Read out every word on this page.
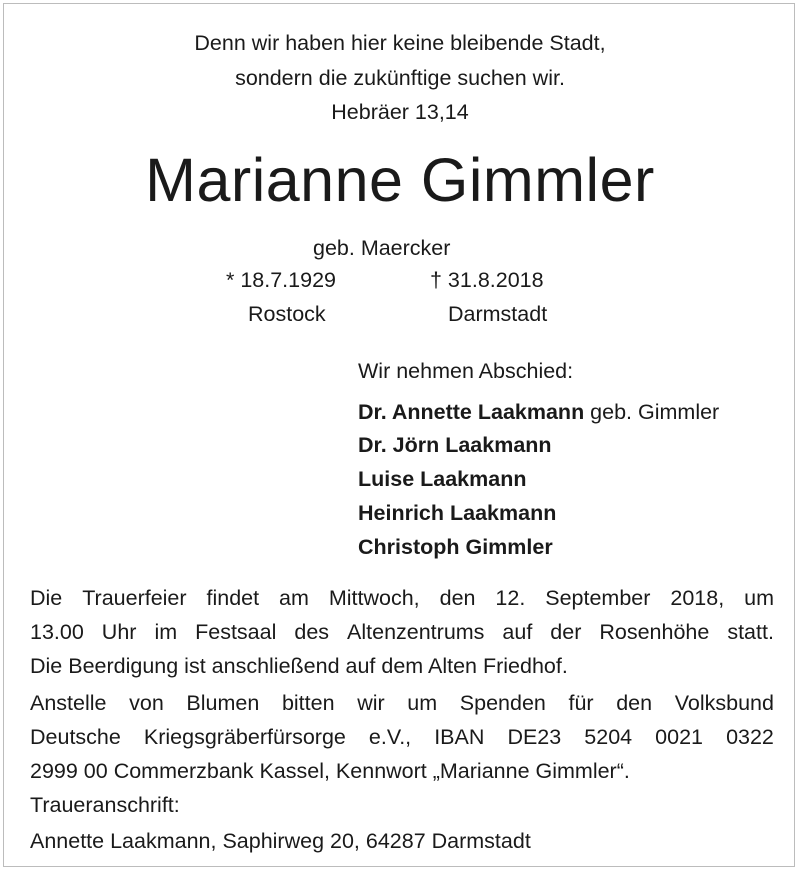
Denn wir haben hier keine bleibende Stadt,
sondern die zukünftige suchen wir.
Hebräer 13,14
Marianne Gimmler
geb. Maercker
* 18.7.1929	† 31.8.2018
Rostock	Darmstadt
Wir nehmen Abschied:
Dr. Annette Laakmann geb. Gimmler
Dr. Jörn Laakmann
Luise Laakmann
Heinrich Laakmann
Christoph Gimmler
Die Trauerfeier findet am Mittwoch, den 12. September 2018, um
13.00 Uhr im Festsaal des Altenzentrums auf der Rosenhöhe statt.
Die Beerdigung ist anschließend auf dem Alten Friedhof.
Anstelle von Blumen bitten wir um Spenden für den Volksbund
Deutsche Kriegsgräberfürsorge e.V., IBAN DE23 5204 0021 0322
2999 00 Commerzbank Kassel, Kennwort „Marianne Gimmler“.
Traueranschrift:
Annette Laakmann, Saphirweg 20, 64287 Darmstadt
